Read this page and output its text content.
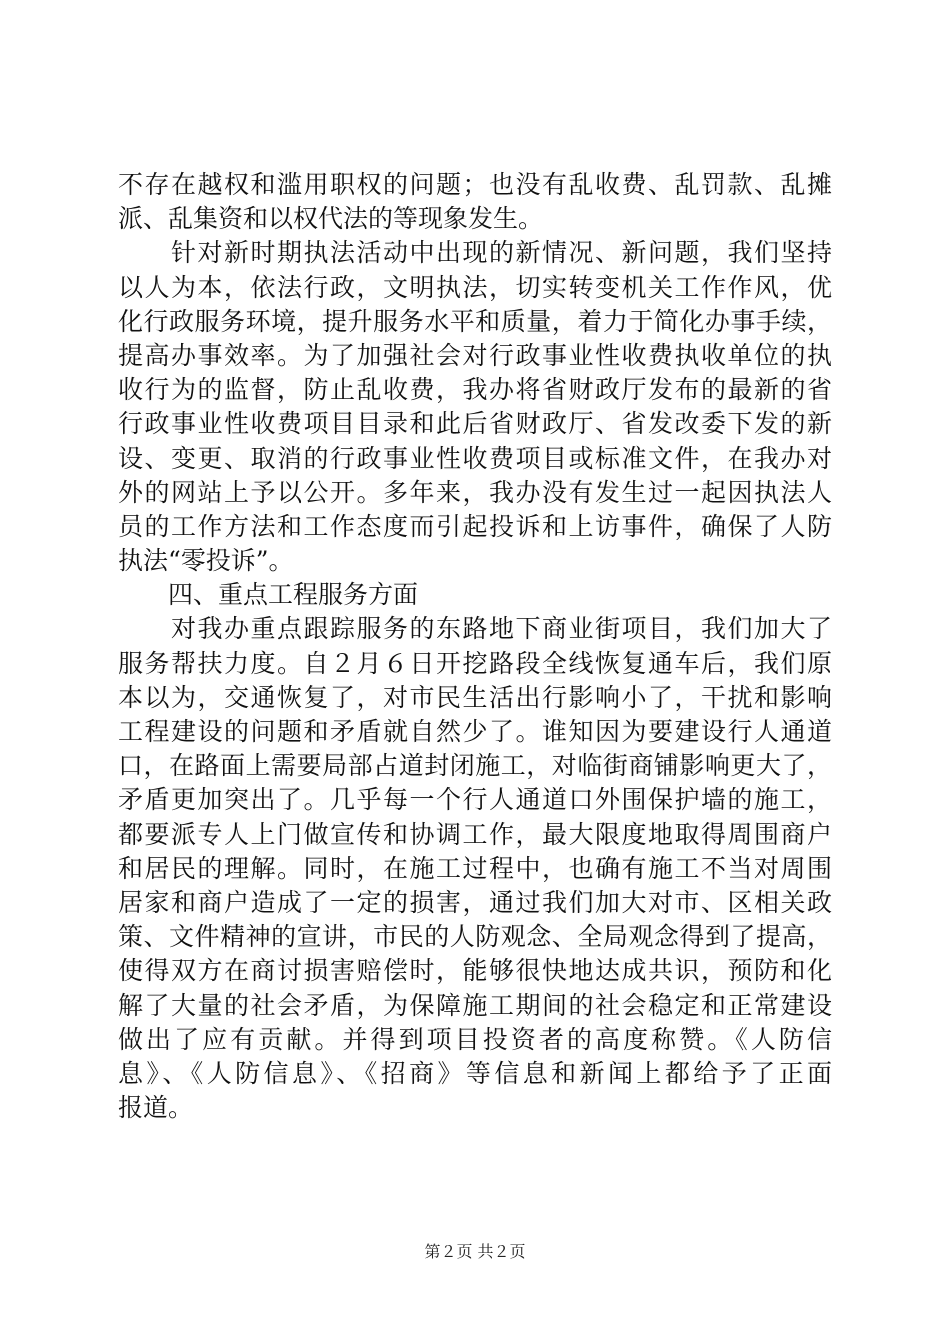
不存在越权和滥用职权的问题；也没有乱收费、乱罚款、乱摊
派、乱集资和以权代法的等现象发生。
　　针对新时期执法活动中出现的新情况、新问题，我们坚持
以人为本，依法行政，文明执法，切实转变机关工作作风，优
化行政服务环境，提升服务水平和质量，着力于简化办事手续，
提高办事效率。为了加强社会对行政事业性收费执收单位的执
收行为的监督，防止乱收费，我办将省财政厅发布的最新的省
行政事业性收费项目目录和此后省财政厅、省发改委下发的新
设、变更、取消的行政事业性收费项目或标准文件，在我办对
外的网站上予以公开。多年来，我办没有发生过一起因执法人
员的工作方法和工作态度而引起投诉和上访事件，确保了人防
执法“零投诉”。
　　四、重点工程服务方面
　　对我办重点跟踪服务的东路地下商业街项目，我们加大了
服务帮扶力度。自２月６日开挖路段全线恢复通车后，我们原
本以为，交通恢复了，对市民生活出行影响小了，干扰和影响
工程建设的问题和矛盾就自然少了。谁知因为要建设行人通道
口，在路面上需要局部占道封闭施工，对临街商铺影响更大了，
矛盾更加突出了。几乎每一个行人通道口外围保护墙的施工，
都要派专人上门做宣传和协调工作，最大限度地取得周围商户
和居民的理解。同时，在施工过程中，也确有施工不当对周围
居家和商户造成了一定的损害，通过我们加大对市、区相关政
策、文件精神的宣讲，市民的人防观念、全局观念得到了提高，
使得双方在商讨损害赔偿时，能够很快地达成共识，预防和化
解了大量的社会矛盾，为保障施工期间的社会稳定和正常建设
做出了应有贡献。并得到项目投资者的高度称赞。《人防信
息》、《人防信息》、《招商》等信息和新闻上都给予了正面
报道。
第２页 共２页
